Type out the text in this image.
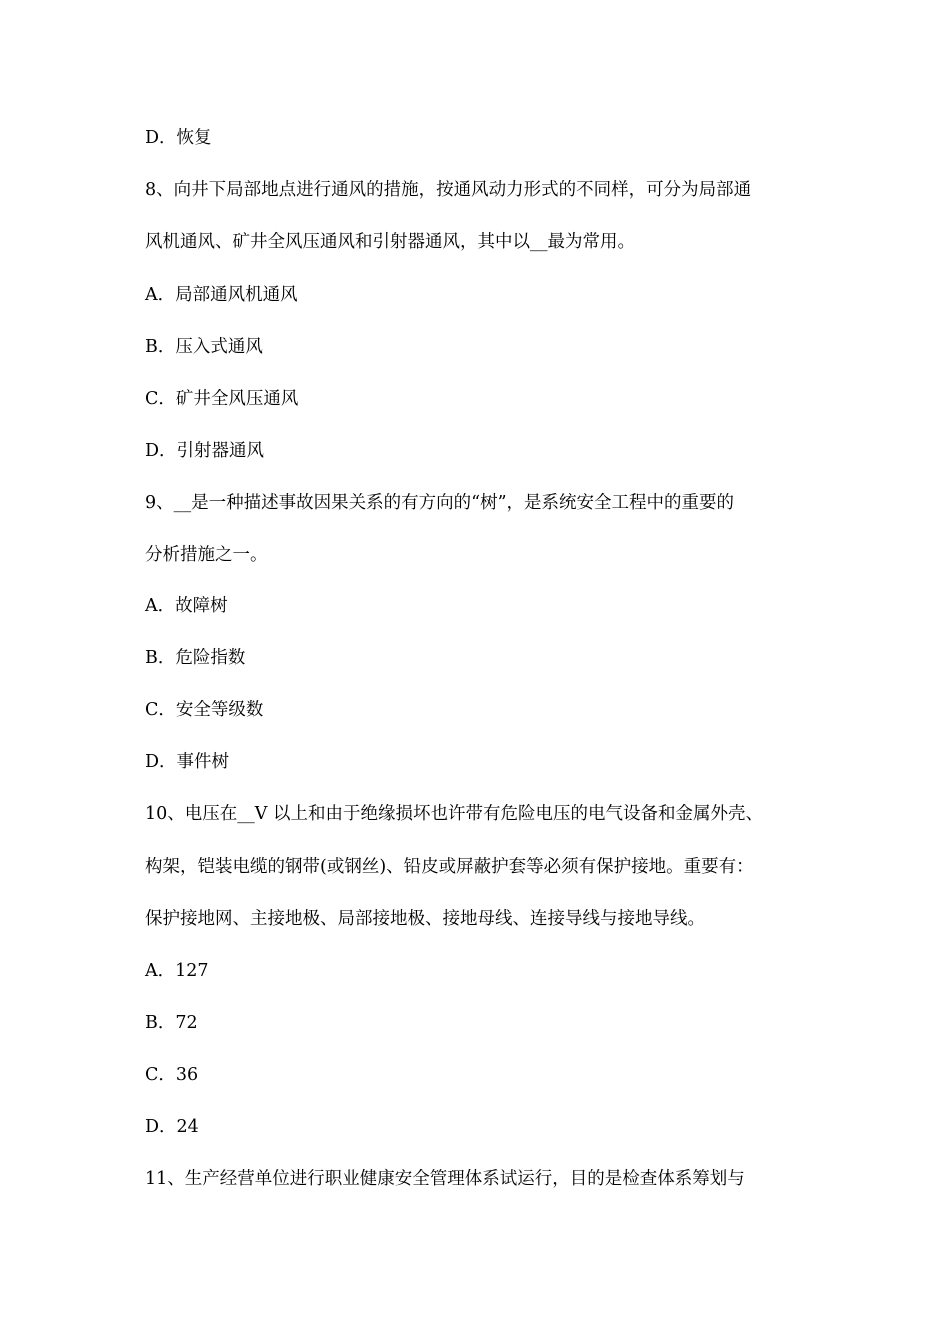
D．恢复
8、向井下局部地点进行通风的措施，按通风动力形式的不同样，可分为局部通
风机通风、矿井全风压通风和引射器通风，其中以__最为常用。
A．局部通风机通风
B．压入式通风
C．矿井全风压通风
D．引射器通风
9、__是一种描述事故因果关系的有方向的“树”，是系统安全工程中的重要的
分析措施之一。
A．故障树
B．危险指数
C．安全等级数
D．事件树
10、电压在__V 以上和由于绝缘损坏也许带有危险电压的电气设备和金属外壳、
构架，铠装电缆的钢带(或钢丝)、铅皮或屏蔽护套等必须有保护接地。重要有：
保护接地网、主接地极、局部接地极、接地母线、连接导线与接地导线。
A．127
B．72
C．36
D．24
11、生产经营单位进行职业健康安全管理体系试运行，目的是检查体系筹划与
